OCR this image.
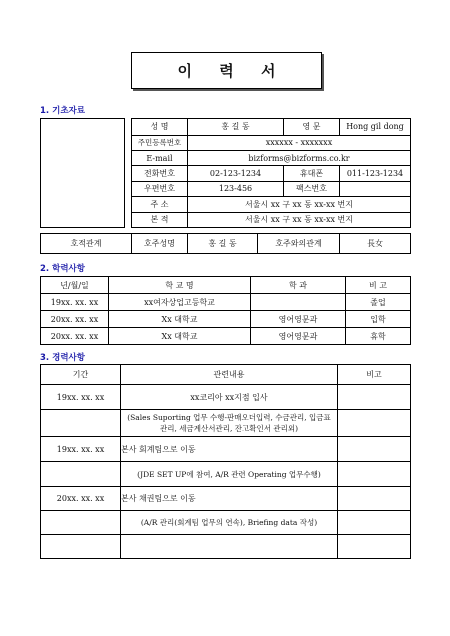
이 력 서
1. 기초자료
성 명	홍 길 동	영 문	Hong gil dong
주민등록번호	xxxxxx - xxxxxxx		
E-mail	bizforms@bizforms.co.kr		
전화번호	02-123-1234	휴대폰	011-123-1234
우편번호	123-456	팩스번호	
주 소	서울시 xx 구 xx 동 xx-xx 번지		
본 적	서울시 xx 구 xx 동 xx-xx 번지		
호적관계	호주성명	홍 길 동	호주와의관계	長女
2. 학력사항
년/월/일	학 교 명	학 과	비 고
19xx. xx. xx	xx여자상업고등학교		졸업
20xx. xx. xx	Xx 대학교	영어영문과	입학
20xx. xx. xx	Xx 대학교	영어영문과	휴학
3. 경력사항
기간	관련내용	비고
19xx. xx. xx	xx코리아 xx지점 입사	
	(Sales Suporting 업무 수행-판매오더입력, 수금관리, 입금표관리, 세금계산서관리, 잔고확인서 관리외)	
19xx. xx. xx	본사 회계팀으로 이동	
	(JDE SET UP에 참여, A/R 관련 Operating 업무수행)	
20xx. xx. xx	본사 채권팀으로 이동	
	(A/R 관리(회계팀 업무의 연속), Briefing data 작성)	
